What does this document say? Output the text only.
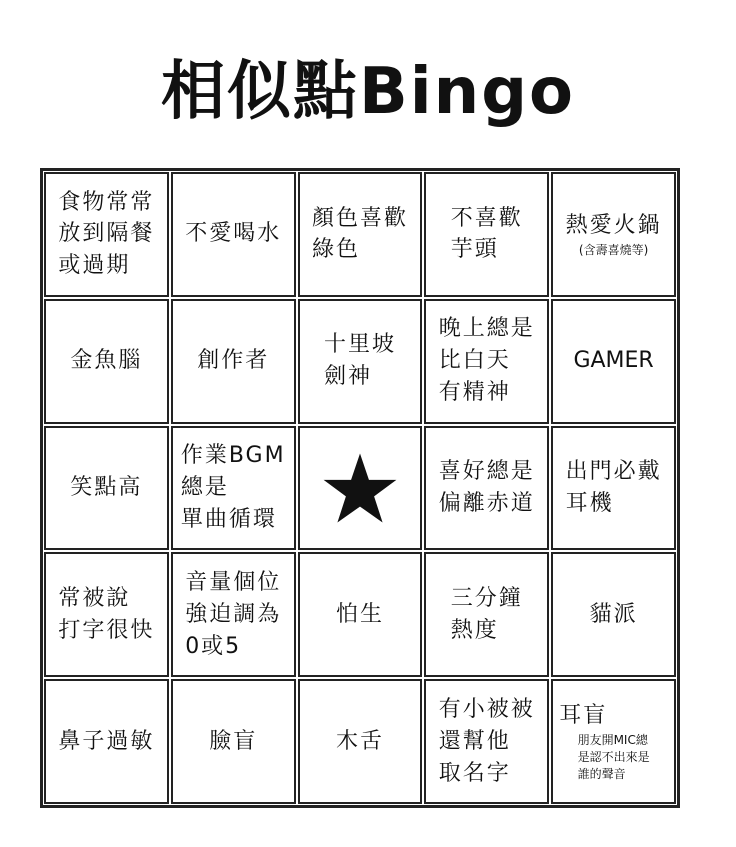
相似點Bingo
食物常常
放到隔餐
或過期
不愛喝水
顏色喜歡
綠色
不喜歡
芋頭
熱愛火鍋
(含壽喜燒等)
金魚腦 創作者
十里坡
劍神
晚上總是
比白天
有精神
GAMER
笑點高
作業BGM
總是
單曲循環
喜好總是
偏離赤道
出門必戴
耳機
常被說
打字很快
音量個位
強迫調為
0或5
怕生
三分鐘
熱度
貓派
鼻子過敏 臉盲	木舌
有小被被
還幫他
取名字
耳盲
朋友開MIC總
是認不出來是
誰的聲音
